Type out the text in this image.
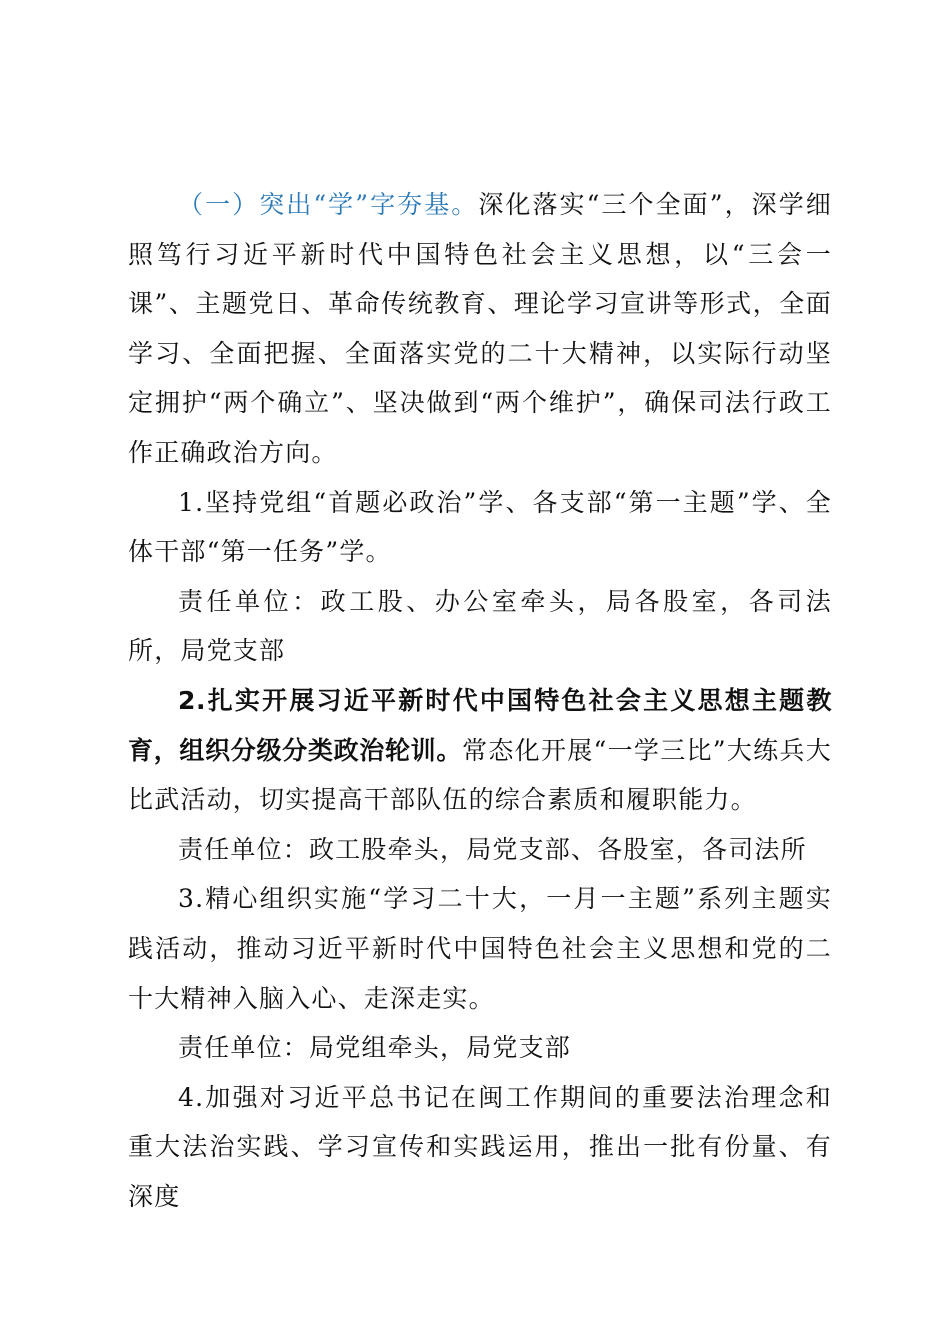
（一）突出“学”字夯基。深化落实“三个全面”，深学细照笃行习近平新时代中国特色社会主义思想，以“三会一课”、主题党日、革命传统教育、理论学习宣讲等形式，全面学习、全面把握、全面落实党的二十大精神，以实际行动坚定拥护“两个确立”、坚决做到“两个维护”，确保司法行政工作正确政治方向。

1.坚持党组“首题必政治”学、各支部“第一主题”学、全体干部“第一任务”学。

责任单位：政工股、办公室牵头，局各股室，各司法所，局党支部

2.扎实开展习近平新时代中国特色社会主义思想主题教育，组织分级分类政治轮训。常态化开展“一学三比”大练兵大比武活动，切实提高干部队伍的综合素质和履职能力。

责任单位：政工股牵头，局党支部、各股室，各司法所

3.精心组织实施“学习二十大，一月一主题”系列主题实践活动，推动习近平新时代中国特色社会主义思想和党的二十大精神入脑入心、走深走实。

责任单位：局党组牵头，局党支部

4.加强对习近平总书记在闽工作期间的重要法治理念和重大法治实践、学习宣传和实践运用，推出一批有份量、有深度
